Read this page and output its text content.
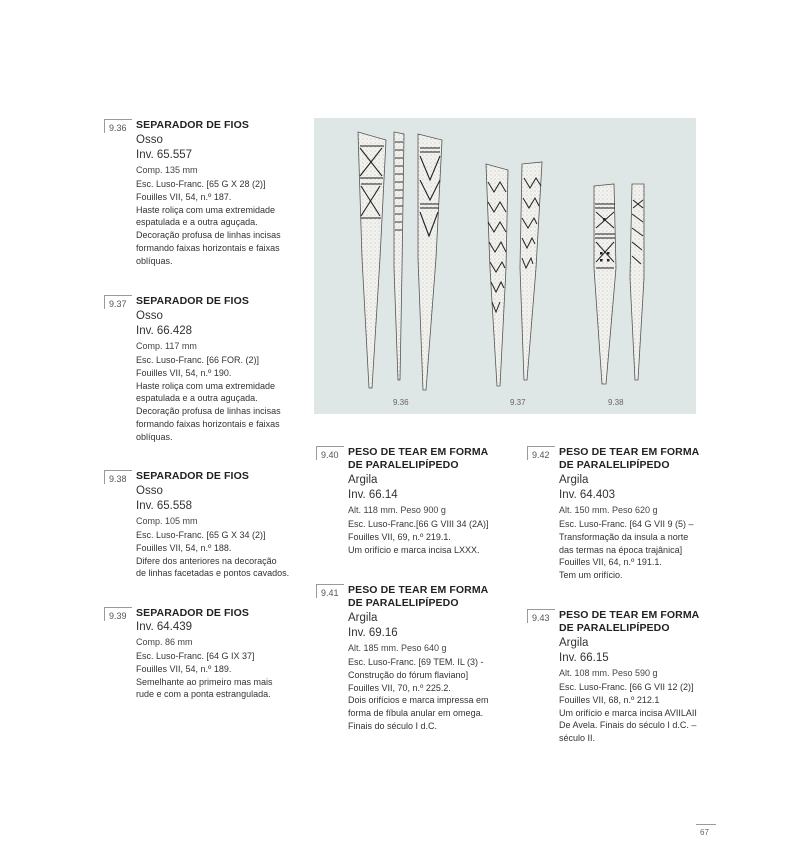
9.36 SEPARADOR DE FIOS
Osso
Inv. 65.557
Comp. 135 mm
Esc. Luso-Franc. [65 G X 28 (2)]
Fouilles VII, 54, n.º 187.
Haste roliça com uma extremidade
espatulada e a outra aguçada.
Decoração profusa de linhas incisas
formando faixas horizontais e faixas
oblíquas.
9.37 SEPARADOR DE FIOS
Osso
Inv. 66.428
Comp. 117 mm
Esc. Luso-Franc. [66 FOR. (2)]
Fouilles VII, 54, n.º 190.
Haste roliça com uma extremidade
espatulada e a outra aguçada.
Decoração profusa de linhas incisas
formando faixas horizontais e faixas
oblíquas.
9.38 SEPARADOR DE FIOS
Osso
Inv. 65.558
Comp. 105 mm
Esc. Luso-Franc. [65 G X 34 (2)]
Fouilles VII, 54, n.º 188.
Difere dos anteriores na decoração
de linhas facetadas e pontos cavados.
9.39 SEPARADOR DE FIOS
Inv. 64.439
Comp. 86 mm
Esc. Luso-Franc. [64 G IX 37]
Fouilles VII, 54, n.º 189.
Semelhante ao primeiro mas mais
rude e com a ponta estrangulada.
9.36	9.37	9.38
9.40 PESO DE TEAR EM FORMA
DE PARALELIPÍPEDO
Argila
Inv. 66.14
Alt. 118 mm. Peso 900 g
Esc. Luso-Franc.[66 G VIII 34 (2A)]
Fouilles VII, 69, n.º 219.1.
Um orifício e marca incisa LXXX.
9.41 PESO DE TEAR EM FORMA
DE PARALELIPÍPEDO
Argila
Inv. 69.16
Alt. 185 mm. Peso 640 g
Esc. Luso-Franc. [69 TEM. IL (3) -
Construção do fórum flaviano]
Fouilles VII, 70, n.º 225.2.
Dois orifícios e marca impressa em
forma de fíbula anular em omega.
Finais do século I d.C.
9.42 PESO DE TEAR EM FORMA
DE PARALELIPÍPEDO
Argila
Inv. 64.403
Alt. 150 mm. Peso 620 g
Esc. Luso-Franc. [64 G VII 9 (5) –
Transformação da insula a norte
das termas na época trajânica]
Fouilles VII, 64, n.º 191.1.
Tem um orifício.
9.43 PESO DE TEAR EM FORMA
DE PARALELIPÍPEDO
Argila
Inv. 66.15
Alt. 108 mm. Peso 590 g
Esc. Luso-Franc. [66 G VII 12 (2)]
Fouilles VII, 68, n.º 212.1
Um orifício e marca incisa AVIILAII
De Avela. Finais do século I d.C. –
século II.
67
